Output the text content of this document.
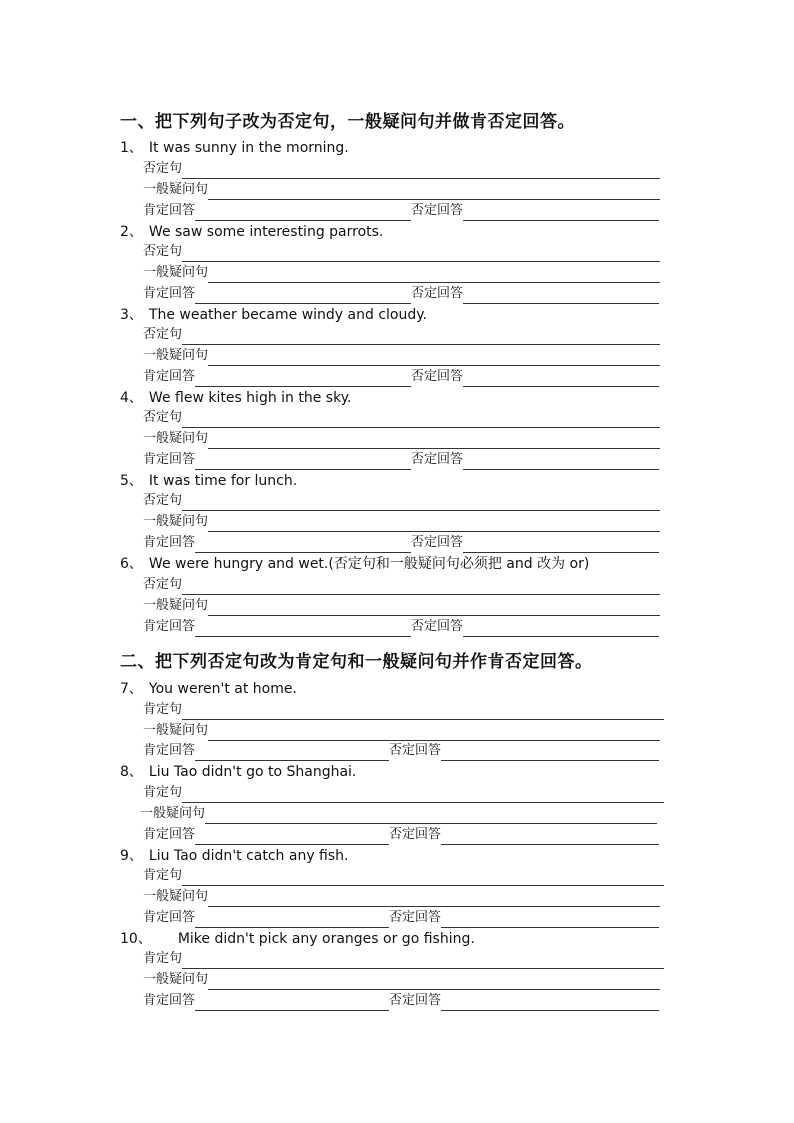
一、把下列句子改为否定句，一般疑问句并做肯否定回答。
1、 It was sunny in the morning.
否定句
一般疑问句
肯定回答	否定回答
2、 We saw some interesting parrots.
否定句
一般疑问句
肯定回答	否定回答
3、 The weather became windy and cloudy.
否定句
一般疑问句
肯定回答	否定回答
4、 We flew kites high in the sky.
否定句
一般疑问句
肯定回答	否定回答
5、 It was time for lunch.
否定句
一般疑问句
肯定回答	否定回答
6、 We were hungry and wet.(否定句和一般疑问句必须把 and 改为 or)
否定句
一般疑问句
肯定回答	否定回答
二、把下列否定句改为肯定句和一般疑问句并作肯否定回答。
7、 You weren't at home.
肯定句
一般疑问句
肯定回答	否定回答
8、 Liu Tao didn't go to Shanghai.
肯定句
一般疑问句
肯定回答	否定回答
9、 Liu Tao didn't catch any fish.
肯定句
一般疑问句
肯定回答	否定回答
10、 Mike didn't pick any oranges or go fishing.
肯定句
一般疑问句
肯定回答	否定回答
